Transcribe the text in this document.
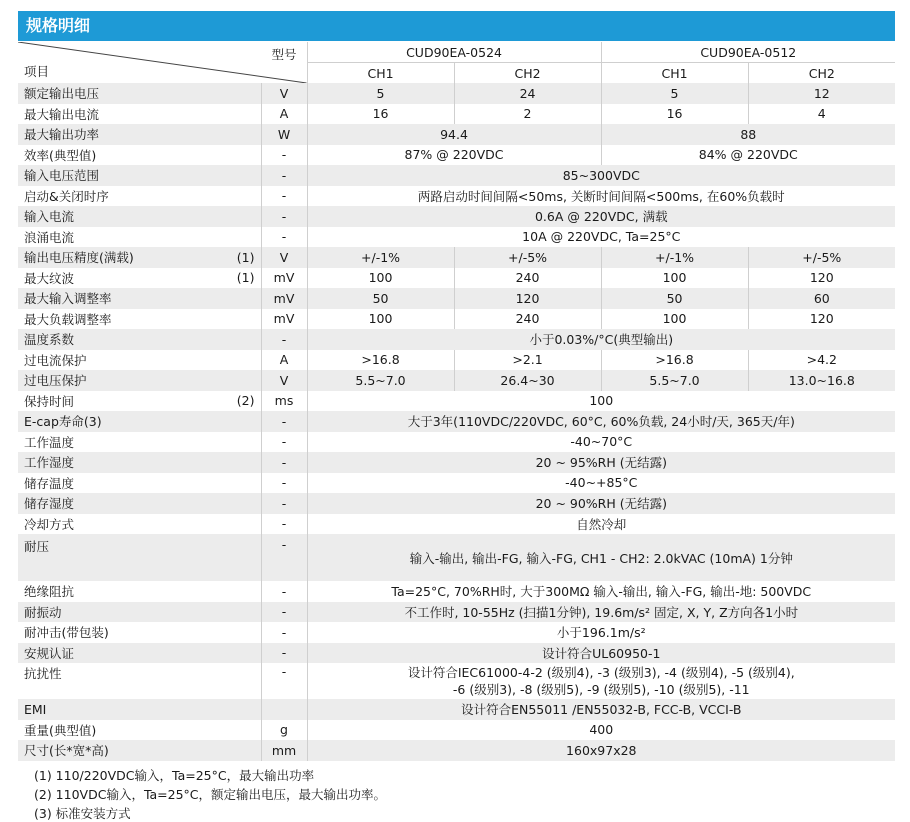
规格明细
型号
项目			CUD90EA-0524		CUD90EA-0512	
			CH1	CH2	CH1	CH2
额定输出电压		V	5	24	5	12
最大输出电流		A	16	2	16	4
最大输出功率		W	94.4		88	
效率(典型值)		-	87% @ 220VDC		84% @ 220VDC	
输入电压范围		-	85~300VDC			
启动&关闭时序		-	两路启动时间间隔<50ms, 关断时间间隔<500ms, 在60%负载时			
输入电流		-	0.6A @ 220VDC, 满载			
浪涌电流		-	10A @ 220VDC, Ta=25°C			
输出电压精度(满载)	(1)	V	+/-1%	+/-5%	+/-1%	+/-5%
最大纹波	(1)	mV	100	240	100	120
最大输入调整率		mV	50	120	50	60
最大负载调整率		mV	100	240	100	120
温度系数		-	小于0.03%/°C(典型输出)			
过电流保护		A	>16.8	>2.1	>16.8	>4.2
过电压保护		V	5.5~7.0	26.4~30	5.5~7.0	13.0~16.8
保持时间	(2)	ms	100			
E-cap寿命(3)		-	大于3年(110VDC/220VDC, 60°C, 60%负载, 24小时/天, 365天/年)			
工作温度		-	-40~70°C			
工作湿度		-	20 ~ 95%RH (无结露)			
储存温度		-	-40~+85°C			
储存湿度		-	20 ~ 90%RH (无结露)			
冷却方式		-	自然冷却			
耐压		-	输入-输出, 输出-FG, 输入-FG, CH1 - CH2: 2.0kVAC (10mA) 1分钟			
绝缘阻抗		-	Ta=25°C, 70%RH时, 大于300MΩ 输入-输出, 输入-FG, 输出-地: 500VDC			
耐振动		-	不工作时, 10-55Hz (扫描1分钟), 19.6m/s² 固定, X, Y, Z方向各1小时			
耐冲击(带包装)		-	小于196.1m/s²			
安规认证		-	设计符合UL60950-1			
抗扰性		-	设计符合IEC61000-4-2 (级别4), -3 (级别3), -4 (级别4), -5 (级别4),
-6 (级别3), -8 (级别5), -9 (级别5), -10 (级别5), -11			

EMI			设计符合EN55011 /EN55032-B, FCC-B, VCCI-B			
重量(典型值)		g	400			
尺寸(长*宽*高)		mm	160x97x28			
(1) 110/220VDC输入，Ta=25°C，最大输出功率
(2) 110VDC输入，Ta=25°C，额定输出电压，最大输出功率。
(3) 标准安装方式
